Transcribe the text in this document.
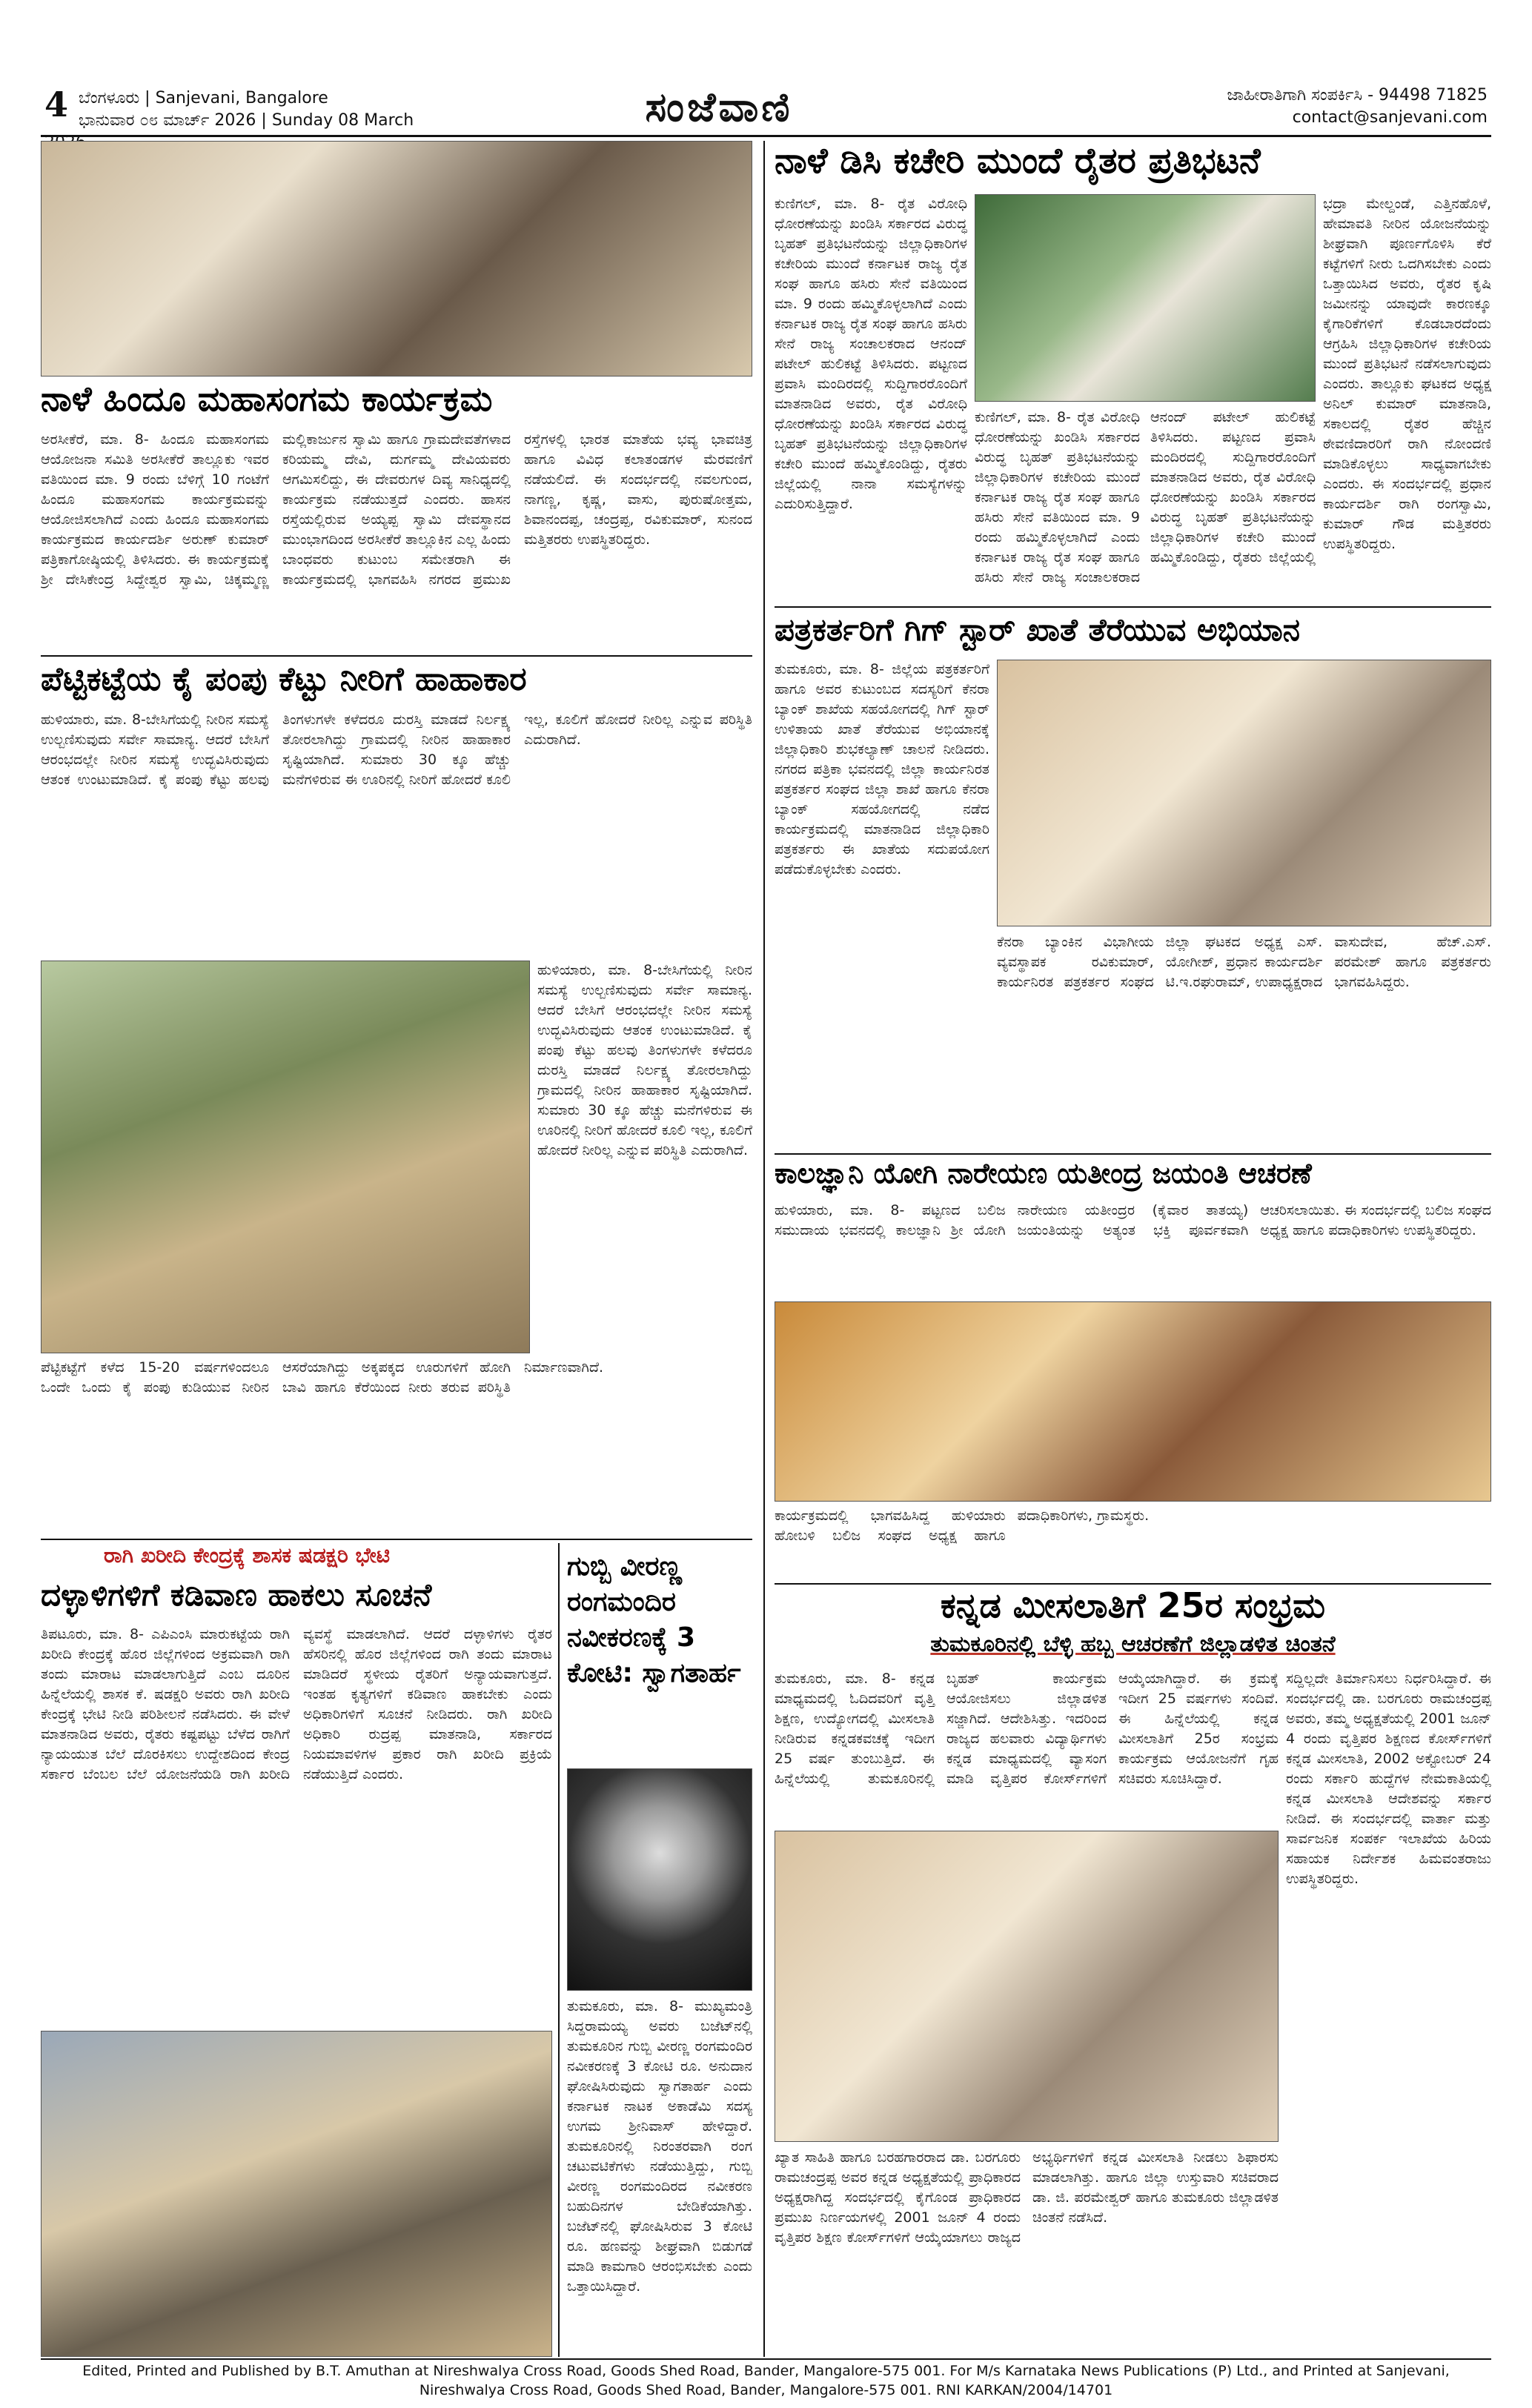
4 ಬೆಂಗಳೂರು | Sanjevani, Bangalore
ಭಾನುವಾರ ೦೮ ಮಾರ್ಚ್ 2026 | Sunday 08 March	ಸಂಜೆವಾಣಿ	ಜಾಹೀರಾತಿಗಾಗಿ ಸಂಪರ್ಕಿಸಿ - 94498 71825
contact@sanjevani.com
ನಾಳೆ ಹಿಂದೂ ಮಹಾಸಂಗಮ ಕಾರ್ಯಕ್ರಮ
ಅರಸೀಕೆರೆ, ಮಾ. 8- ಹಿಂದೂ ಮಹಾಸಂಗಮ ಆಯೋಜನಾ ಸಮಿತಿ ಅರಸೀಕೆರೆ ತಾಲ್ಲೂಕು ಇವರ ವತಿಯಿಂದ ಮಾ. 9 ರಂದು ಬೆಳಿಗ್ಗೆ 10 ಗಂಟೆಗೆ ಹಿಂದೂ ಮಹಾಸಂಗಮ ಕಾರ್ಯಕ್ರಮವನ್ನು ಆಯೋಜಿಸಲಾಗಿದೆ ಎಂದು ಹಿಂದೂ ಮಹಾಸಂಗಮ ಕಾರ್ಯಕ್ರಮದ ಕಾರ್ಯದರ್ಶಿ ಅರುಣ್ ಕುಮಾರ್ ಪತ್ರಿಕಾಗೋಷ್ಠಿಯಲ್ಲಿ ತಿಳಿಸಿದರು. ಈ ಕಾರ್ಯಕ್ರಮಕ್ಕೆ ಶ್ರೀ ದೇಸಿಕೇಂದ್ರ ಸಿದ್ದೇಶ್ವರ ಸ್ವಾಮಿ, ಚಿಕ್ಕಮ್ಮಣ್ಣ ಮಲ್ಲಿಕಾರ್ಜುನ ಸ್ವಾಮಿ ಹಾಗೂ ಗ್ರಾಮದೇವತೆಗಳಾದ ಕರಿಯಮ್ಮ ದೇವಿ, ದುರ್ಗಮ್ಮ ದೇವಿಯವರು ಆಗಮಿಸಲಿದ್ದು, ಈ ದೇವರುಗಳ ದಿವ್ಯ ಸಾನಿಧ್ಯದಲ್ಲಿ ಕಾರ್ಯಕ್ರಮ ನಡೆಯುತ್ತದೆ ಎಂದರು. ಹಾಸನ ರಸ್ತೆಯಲ್ಲಿರುವ ಅಯ್ಯಪ್ಪ ಸ್ವಾಮಿ ದೇವಸ್ಥಾನದ ಮುಂಭಾಗದಿಂದ ಅರಸೀಕೆರೆ ತಾಲ್ಲೂಕಿನ ಎಲ್ಲ ಹಿಂದು ಬಾಂಧವರು ಕುಟುಂಬ ಸಮೇತರಾಗಿ ಈ ಕಾರ್ಯಕ್ರಮದಲ್ಲಿ ಭಾಗವಹಿಸಿ ನಗರದ ಪ್ರಮುಖ ರಸ್ತೆಗಳಲ್ಲಿ ಭಾರತ ಮಾತೆಯ ಭವ್ಯ ಭಾವಚಿತ್ರ ಹಾಗೂ ವಿವಿಧ ಕಲಾತಂಡಗಳ ಮೆರವಣಿಗೆ ನಡೆಯಲಿದೆ. ಈ ಸಂದರ್ಭದಲ್ಲಿ ನವಲಗುಂದ, ನಾಗಣ್ಣ, ಕೃಷ್ಣ, ವಾಸು, ಪುರುಷೋತ್ತಮ, ಶಿವಾನಂದಪ್ಪ, ಚಂದ್ರಪ್ಪ, ರವಿಕುಮಾರ್, ಸುನಂದ ಮತ್ತಿತರರು ಉಪಸ್ಥಿತರಿದ್ದರು.
ಪೆಟ್ಟಿಕಟ್ಟೆಯ ಕೈ ಪಂಪು ಕೆಟ್ಟು ನೀರಿಗೆ ಹಾಹಾಕಾರ
ಹುಳಿಯಾರು, ಮಾ. 8-ಬೇಸಿಗೆಯಲ್ಲಿ ನೀರಿನ ಸಮಸ್ಯೆ ಉಲ್ಬಣಿಸುವುದು ಸರ್ವೇ ಸಾಮಾನ್ಯ. ಆದರೆ ಬೇಸಿಗೆ ಆರಂಭದಲ್ಲೇ ನೀರಿನ ಸಮಸ್ಯೆ ಉದ್ಭವಿಸಿರುವುದು ಆತಂಕ ಉಂಟುಮಾಡಿದೆ. ಕೈ ಪಂಪು ಕೆಟ್ಟು ಹಲವು ತಿಂಗಳುಗಳೇ ಕಳೆದರೂ ದುರಸ್ತಿ ಮಾಡದೆ ನಿರ್ಲಕ್ಷ್ಯ ತೋರಲಾಗಿದ್ದು ಗ್ರಾಮದಲ್ಲಿ ನೀರಿನ ಹಾಹಾಕಾರ ಸೃಷ್ಟಿಯಾಗಿದೆ. ಸುಮಾರು 30 ಕ್ಕೂ ಹೆಚ್ಚು ಮನೆಗಳಿರುವ ಈ ಊರಿನಲ್ಲಿ ನೀರಿಗೆ ಹೋದರೆ ಕೂಲಿ ಇಲ್ಲ, ಕೂಲಿಗೆ ಹೋದರೆ ನೀರಿಲ್ಲ ಎನ್ನುವ ಪರಿಸ್ಥಿತಿ ಎದುರಾಗಿದೆ.
ಹುಳಿಯಾರು, ಮಾ. 8-ಬೇಸಿಗೆಯಲ್ಲಿ ನೀರಿನ ಸಮಸ್ಯೆ ಉಲ್ಬಣಿಸುವುದು ಸರ್ವೇ ಸಾಮಾನ್ಯ. ಆದರೆ ಬೇಸಿಗೆ ಆರಂಭದಲ್ಲೇ ನೀರಿನ ಸಮಸ್ಯೆ ಉದ್ಭವಿಸಿರುವುದು ಆತಂಕ ಉಂಟುಮಾಡಿದೆ. ಕೈ ಪಂಪು ಕೆಟ್ಟು ಹಲವು ತಿಂಗಳುಗಳೇ ಕಳೆದರೂ ದುರಸ್ತಿ ಮಾಡದೆ ನಿರ್ಲಕ್ಷ್ಯ ತೋರಲಾಗಿದ್ದು ಗ್ರಾಮದಲ್ಲಿ ನೀರಿನ ಹಾಹಾಕಾರ ಸೃಷ್ಟಿಯಾಗಿದೆ. ಸುಮಾರು 30 ಕ್ಕೂ ಹೆಚ್ಚು ಮನೆಗಳಿರುವ ಈ ಊರಿನಲ್ಲಿ ನೀರಿಗೆ ಹೋದರೆ ಕೂಲಿ ಇಲ್ಲ, ಕೂಲಿಗೆ ಹೋದರೆ ನೀರಿಲ್ಲ ಎನ್ನುವ ಪರಿಸ್ಥಿತಿ ಎದುರಾಗಿದೆ.
ಪೆಟ್ಟಿಕಟ್ಟೆಗೆ ಕಳೆದ 15-20 ವರ್ಷಗಳಿಂದಲೂ ಒಂದೇ ಒಂದು ಕೈ ಪಂಪು ಕುಡಿಯುವ ನೀರಿನ ಆಸರೆಯಾಗಿದ್ದು ಅಕ್ಕಪಕ್ಕದ ಊರುಗಳಿಗೆ ಹೋಗಿ ಬಾವಿ ಹಾಗೂ ಕೆರೆಯಿಂದ ನೀರು ತರುವ ಪರಿಸ್ಥಿತಿ ನಿರ್ಮಾಣವಾಗಿದೆ.
ರಾಗಿ ಖರೀದಿ ಕೇಂದ್ರಕ್ಕೆ ಶಾಸಕ ಷಡಕ್ಷರಿ ಭೇಟಿ
ದಳ್ಳಾಳಿಗಳಿಗೆ ಕಡಿವಾಣ ಹಾಕಲು ಸೂಚನೆ
ತಿಪಟೂರು, ಮಾ. 8- ಎಪಿಎಂಸಿ ಮಾರುಕಟ್ಟೆಯ ರಾಗಿ ಖರೀದಿ ಕೇಂದ್ರಕ್ಕೆ ಹೊರ ಜಿಲ್ಲೆಗಳಿಂದ ಅಕ್ರಮವಾಗಿ ರಾಗಿ ತಂದು ಮಾರಾಟ ಮಾಡಲಾಗುತ್ತಿದೆ ಎಂಬ ದೂರಿನ ಹಿನ್ನೆಲೆಯಲ್ಲಿ ಶಾಸಕ ಕೆ. ಷಡಕ್ಷರಿ ಅವರು ರಾಗಿ ಖರೀದಿ ಕೇಂದ್ರಕ್ಕೆ ಭೇಟಿ ನೀಡಿ ಪರಿಶೀಲನೆ ನಡೆಸಿದರು. ಈ ವೇಳೆ ಮಾತನಾಡಿದ ಅವರು, ರೈತರು ಕಷ್ಟಪಟ್ಟು ಬೆಳೆದ ರಾಗಿಗೆ ನ್ಯಾಯಯುತ ಬೆಲೆ ದೊರಕಿಸಲು ಉದ್ದೇಶದಿಂದ ಕೇಂದ್ರ ಸರ್ಕಾರ ಬೆಂಬಲ ಬೆಲೆ ಯೋಜನೆಯಡಿ ರಾಗಿ ಖರೀದಿ ವ್ಯವಸ್ಥೆ ಮಾಡಲಾಗಿದೆ. ಆದರೆ ದಳ್ಳಾಳಿಗಳು ರೈತರ ಹೆಸರಿನಲ್ಲಿ ಹೊರ ಜಿಲ್ಲೆಗಳಿಂದ ರಾಗಿ ತಂದು ಮಾರಾಟ ಮಾಡಿದರೆ ಸ್ಥಳೀಯ ರೈತರಿಗೆ ಅನ್ಯಾಯವಾಗುತ್ತದೆ. ಇಂತಹ ಕೃತ್ಯಗಳಿಗೆ ಕಡಿವಾಣ ಹಾಕಬೇಕು ಎಂದು ಅಧಿಕಾರಿಗಳಿಗೆ ಸೂಚನೆ ನೀಡಿದರು. ರಾಗಿ ಖರೀದಿ ಅಧಿಕಾರಿ ರುದ್ರಪ್ಪ ಮಾತನಾಡಿ, ಸರ್ಕಾರದ ನಿಯಮಾವಳಿಗಳ ಪ್ರಕಾರ ರಾಗಿ ಖರೀದಿ ಪ್ರಕ್ರಿಯೆ ನಡೆಯುತ್ತಿದೆ ಎಂದರು.
ಗುಬ್ಬಿ ವೀರಣ್ಣ ರಂಗಮಂದಿರ ನವೀಕರಣಕ್ಕೆ 3 ಕೋಟಿ: ಸ್ವಾಗತಾರ್ಹ
ತುಮಕೂರು, ಮಾ. 8- ಮುಖ್ಯಮಂತ್ರಿ ಸಿದ್ದರಾಮಯ್ಯ ಅವರು ಬಜೆಟ್‌ನಲ್ಲಿ ತುಮಕೂರಿನ ಗುಬ್ಬಿ ವೀರಣ್ಣ ರಂಗಮಂದಿರ ನವೀಕರಣಕ್ಕೆ 3 ಕೋಟಿ ರೂ. ಅನುದಾನ ಘೋಷಿಸಿರುವುದು ಸ್ವಾಗತಾರ್ಹ ಎಂದು ಕರ್ನಾಟಕ ನಾಟಕ ಅಕಾಡೆಮಿ ಸದಸ್ಯ ಉಗಮ ಶ್ರೀನಿವಾಸ್ ಹೇಳಿದ್ದಾರೆ. ತುಮಕೂರಿನಲ್ಲಿ ನಿರಂತರವಾಗಿ ರಂಗ ಚಟುವಟಿಕೆಗಳು ನಡೆಯುತ್ತಿದ್ದು, ಗುಬ್ಬಿ ವೀರಣ್ಣ ರಂಗಮಂದಿರದ ನವೀಕರಣ ಬಹುದಿನಗಳ ಬೇಡಿಕೆಯಾಗಿತ್ತು. ಬಜೆಟ್‌ನಲ್ಲಿ ಘೋಷಿಸಿರುವ 3 ಕೋಟಿ ರೂ. ಹಣವನ್ನು ಶೀಘ್ರವಾಗಿ ಬಿಡುಗಡೆ ಮಾಡಿ ಕಾಮಗಾರಿ ಆರಂಭಿಸಬೇಕು ಎಂದು ಒತ್ತಾಯಿಸಿದ್ದಾರೆ.
ನಾಳೆ ಡಿಸಿ ಕಚೇರಿ ಮುಂದೆ ರೈತರ ಪ್ರತಿಭಟನೆ
ಕುಣಿಗಲ್, ಮಾ. 8- ರೈತ ವಿರೋಧಿ ಧೋರಣೆಯನ್ನು ಖಂಡಿಸಿ ಸರ್ಕಾರದ ವಿರುದ್ಧ ಬೃಹತ್ ಪ್ರತಿಭಟನೆಯನ್ನು ಜಿಲ್ಲಾಧಿಕಾರಿಗಳ ಕಚೇರಿಯ ಮುಂದೆ ಕರ್ನಾಟಕ ರಾಜ್ಯ ರೈತ ಸಂಘ ಹಾಗೂ ಹಸಿರು ಸೇನೆ ವತಿಯಿಂದ ಮಾ. 9 ರಂದು ಹಮ್ಮಿಕೊಳ್ಳಲಾಗಿದೆ ಎಂದು ಕರ್ನಾಟಕ ರಾಜ್ಯ ರೈತ ಸಂಘ ಹಾಗೂ ಹಸಿರು ಸೇನೆ ರಾಜ್ಯ ಸಂಚಾಲಕರಾದ ಆನಂದ್ ಪಟೇಲ್ ಹುಲಿಕಟ್ಟೆ ತಿಳಿಸಿದರು. ಪಟ್ಟಣದ ಪ್ರವಾಸಿ ಮಂದಿರದಲ್ಲಿ ಸುದ್ದಿಗಾರರೊಂದಿಗೆ ಮಾತನಾಡಿದ ಅವರು, ರೈತ ವಿರೋಧಿ ಧೋರಣೆಯನ್ನು ಖಂಡಿಸಿ ಸರ್ಕಾರದ ವಿರುದ್ಧ ಬೃಹತ್ ಪ್ರತಿಭಟನೆಯನ್ನು ಜಿಲ್ಲಾಧಿಕಾರಿಗಳ ಕಚೇರಿ ಮುಂದೆ ಹಮ್ಮಿಕೊಂಡಿದ್ದು, ರೈತರು ಜಿಲ್ಲೆಯಲ್ಲಿ ನಾನಾ ಸಮಸ್ಯೆಗಳನ್ನು ಎದುರಿಸುತ್ತಿದ್ದಾರೆ.
ಭದ್ರಾ ಮೇಲ್ದಂಡೆ, ಎತ್ತಿನಹೊಳೆ, ಹೇಮಾವತಿ ನೀರಿನ ಯೋಜನೆಯನ್ನು ಶೀಘ್ರವಾಗಿ ಪೂರ್ಣಗೊಳಿಸಿ ಕೆರೆ ಕಟ್ಟೆಗಳಿಗೆ ನೀರು ಒದಗಿಸಬೇಕು ಎಂದು ಒತ್ತಾಯಿಸಿದ ಅವರು, ರೈತರ ಕೃಷಿ ಜಮೀನನ್ನು ಯಾವುದೇ ಕಾರಣಕ್ಕೂ ಕೈಗಾರಿಕೆಗಳಿಗೆ ಕೊಡಬಾರದೆಂದು ಆಗ್ರಹಿಸಿ ಜಿಲ್ಲಾಧಿಕಾರಿಗಳ ಕಚೇರಿಯ ಮುಂದೆ ಪ್ರತಿಭಟನೆ ನಡೆಸಲಾಗುವುದು ಎಂದರು. ತಾಲ್ಲೂಕು ಘಟಕದ ಅಧ್ಯಕ್ಷ ಅನಿಲ್ ಕುಮಾರ್ ಮಾತನಾಡಿ, ಸಕಾಲದಲ್ಲಿ ರೈತರ ಹೆಚ್ಚಿನ ಠೇವಣಿದಾರರಿಗೆ ರಾಗಿ ನೋಂದಣಿ ಮಾಡಿಕೊಳ್ಳಲು ಸಾಧ್ಯವಾಗಬೇಕು ಎಂದರು. ಈ ಸಂದರ್ಭದಲ್ಲಿ ಪ್ರಧಾನ ಕಾರ್ಯದರ್ಶಿ ರಾಗಿ ರಂಗಸ್ವಾಮಿ, ಕುಮಾರ್ ಗೌಡ ಮತ್ತಿತರರು ಉಪಸ್ಥಿತರಿದ್ದರು.
ಕುಣಿಗಲ್, ಮಾ. 8- ರೈತ ವಿರೋಧಿ ಧೋರಣೆಯನ್ನು ಖಂಡಿಸಿ ಸರ್ಕಾರದ ವಿರುದ್ಧ ಬೃಹತ್ ಪ್ರತಿಭಟನೆಯನ್ನು ಜಿಲ್ಲಾಧಿಕಾರಿಗಳ ಕಚೇರಿಯ ಮುಂದೆ ಕರ್ನಾಟಕ ರಾಜ್ಯ ರೈತ ಸಂಘ ಹಾಗೂ ಹಸಿರು ಸೇನೆ ವತಿಯಿಂದ ಮಾ. 9 ರಂದು ಹಮ್ಮಿಕೊಳ್ಳಲಾಗಿದೆ ಎಂದು ಕರ್ನಾಟಕ ರಾಜ್ಯ ರೈತ ಸಂಘ ಹಾಗೂ ಹಸಿರು ಸೇನೆ ರಾಜ್ಯ ಸಂಚಾಲಕರಾದ ಆನಂದ್ ಪಟೇಲ್ ಹುಲಿಕಟ್ಟೆ ತಿಳಿಸಿದರು. ಪಟ್ಟಣದ ಪ್ರವಾಸಿ ಮಂದಿರದಲ್ಲಿ ಸುದ್ದಿಗಾರರೊಂದಿಗೆ ಮಾತನಾಡಿದ ಅವರು, ರೈತ ವಿರೋಧಿ ಧೋರಣೆಯನ್ನು ಖಂಡಿಸಿ ಸರ್ಕಾರದ ವಿರುದ್ಧ ಬೃಹತ್ ಪ್ರತಿಭಟನೆಯನ್ನು ಜಿಲ್ಲಾಧಿಕಾರಿಗಳ ಕಚೇರಿ ಮುಂದೆ ಹಮ್ಮಿಕೊಂಡಿದ್ದು, ರೈತರು ಜಿಲ್ಲೆಯಲ್ಲಿ
ಪತ್ರಕರ್ತರಿಗೆ ಗಿಗ್ ಸ್ಟಾರ್ ಖಾತೆ ತೆರೆಯುವ ಅಭಿಯಾನ
ತುಮಕೂರು, ಮಾ. 8- ಜಿಲ್ಲೆಯ ಪತ್ರಕರ್ತರಿಗೆ ಹಾಗೂ ಅವರ ಕುಟುಂಬದ ಸದಸ್ಯರಿಗೆ ಕೆನರಾ ಬ್ಯಾಂಕ್ ಶಾಖೆಯ ಸಹಯೋಗದಲ್ಲಿ ಗಿಗ್ ಸ್ಟಾರ್ ಉಳಿತಾಯ ಖಾತೆ ತೆರೆಯುವ ಅಭಿಯಾನಕ್ಕೆ ಜಿಲ್ಲಾಧಿಕಾರಿ ಶುಭಕಲ್ಯಾಣ್ ಚಾಲನೆ ನೀಡಿದರು. ನಗರದ ಪತ್ರಿಕಾ ಭವನದಲ್ಲಿ ಜಿಲ್ಲಾ ಕಾರ್ಯನಿರತ ಪತ್ರಕರ್ತರ ಸಂಘದ ಜಿಲ್ಲಾ ಶಾಖೆ ಹಾಗೂ ಕೆನರಾ ಬ್ಯಾಂಕ್ ಸಹಯೋಗದಲ್ಲಿ ನಡೆದ ಕಾರ್ಯಕ್ರಮದಲ್ಲಿ ಮಾತನಾಡಿದ ಜಿಲ್ಲಾಧಿಕಾರಿ ಪತ್ರಕರ್ತರು ಈ ಖಾತೆಯ ಸದುಪಯೋಗ ಪಡೆದುಕೊಳ್ಳಬೇಕು ಎಂದರು.
ಕೆನರಾ ಬ್ಯಾಂಕಿನ ವಿಭಾಗೀಯ ವ್ಯವಸ್ಥಾಪಕ ರವಿಕುಮಾರ್, ಕಾರ್ಯನಿರತ ಪತ್ರಕರ್ತರ ಸಂಘದ ಜಿಲ್ಲಾ ಘಟಕದ ಅಧ್ಯಕ್ಷ ಎಸ್. ಯೋಗೀಶ್, ಪ್ರಧಾನ ಕಾರ್ಯದರ್ಶಿ ಟಿ.ಇ.ರಘುರಾಮ್, ಉಪಾಧ್ಯಕ್ಷರಾದ ವಾಸುದೇವ, ಹೆಚ್.ಎಸ್. ಪರಮೇಶ್ ಹಾಗೂ ಪತ್ರಕರ್ತರು ಭಾಗವಹಿಸಿದ್ದರು.
ಕಾಲಜ್ಞಾನಿ ಯೋಗಿ ನಾರೇಯಣ ಯತೀಂದ್ರ ಜಯಂತಿ ಆಚರಣೆ
ಹುಳಿಯಾರು, ಮಾ. 8- ಪಟ್ಟಣದ ಬಲಿಜ ಸಮುದಾಯ ಭವನದಲ್ಲಿ ಕಾಲಜ್ಞಾನಿ ಶ್ರೀ ಯೋಗಿ ನಾರೇಯಣ ಯತೀಂದ್ರರ (ಕೈವಾರ ತಾತಯ್ಯ) ಜಯಂತಿಯನ್ನು ಅತ್ಯಂತ ಭಕ್ತಿ ಪೂರ್ವಕವಾಗಿ ಆಚರಿಸಲಾಯಿತು. ಈ ಸಂದರ್ಭದಲ್ಲಿ ಬಲಿಜ ಸಂಘದ ಅಧ್ಯಕ್ಷ ಹಾಗೂ ಪದಾಧಿಕಾರಿಗಳು ಉಪಸ್ಥಿತರಿದ್ದರು.
ಕಾರ್ಯಕ್ರಮದಲ್ಲಿ ಭಾಗವಹಿಸಿದ್ದ ಹುಳಿಯಾರು ಹೋಬಳಿ ಬಲಿಜ ಸಂಘದ ಅಧ್ಯಕ್ಷ ಹಾಗೂ ಪದಾಧಿಕಾರಿಗಳು, ಗ್ರಾಮಸ್ಥರು.
ಕನ್ನಡ ಮೀಸಲಾತಿಗೆ 25ರ ಸಂಭ್ರಮ
ತುಮಕೂರಿನಲ್ಲಿ ಬೆಳ್ಳಿ ಹಬ್ಬ ಆಚರಣೆಗೆ ಜಿಲ್ಲಾಡಳಿತ ಚಿಂತನೆ
ತುಮಕೂರು, ಮಾ. 8- ಕನ್ನಡ ಮಾಧ್ಯಮದಲ್ಲಿ ಓದಿದವರಿಗೆ ವೃತ್ತಿ ಶಿಕ್ಷಣ, ಉದ್ಯೋಗದಲ್ಲಿ ಮೀಸಲಾತಿ ನೀಡಿರುವ ಕನ್ನಡಕವಚಕ್ಕೆ ಇದೀಗ 25 ವರ್ಷ ತುಂಬುತ್ತಿದೆ. ಈ ಹಿನ್ನೆಲೆಯಲ್ಲಿ ತುಮಕೂರಿನಲ್ಲಿ ಬೃಹತ್ ಕಾರ್ಯಕ್ರಮ ಆಯೋಜಿಸಲು ಜಿಲ್ಲಾಡಳಿತ ಸಜ್ಜಾಗಿದೆ. ಆದೇಶಿಸಿತ್ತು. ಇದರಿಂದ ರಾಜ್ಯದ ಹಲವಾರು ವಿದ್ಯಾರ್ಥಿಗಳು ಕನ್ನಡ ಮಾಧ್ಯಮದಲ್ಲಿ ವ್ಯಾಸಂಗ ಮಾಡಿ ವೃತ್ತಿಪರ ಕೋರ್ಸ್‌ಗಳಿಗೆ ಆಯ್ಕೆಯಾಗಿದ್ದಾರೆ. ಈ ಕ್ರಮಕ್ಕೆ ಇದೀಗ 25 ವರ್ಷಗಳು ಸಂದಿವೆ. ಈ ಹಿನ್ನೆಲೆಯಲ್ಲಿ ಕನ್ನಡ ಮೀಸಲಾತಿಗೆ 25ರ ಸಂಭ್ರಮ ಕಾರ್ಯಕ್ರಮ ಆಯೋಜನೆಗೆ ಗೃಹ ಸಚಿವರು ಸೂಚಿಸಿದ್ದಾರೆ.
ಖ್ಯಾತ ಸಾಹಿತಿ ಹಾಗೂ ಬರಹಗಾರರಾದ ಡಾ. ಬರಗೂರು ರಾಮಚಂದ್ರಪ್ಪ ಅವರ ಕನ್ನಡ ಅಧ್ಯಕ್ಷತೆಯಲ್ಲಿ ಪ್ರಾಧಿಕಾರದ ಅಧ್ಯಕ್ಷರಾಗಿದ್ದ ಸಂದರ್ಭದಲ್ಲಿ ಕೈಗೊಂಡ ಪ್ರಾಧಿಕಾರದ ಪ್ರಮುಖ ನಿರ್ಣಯಗಳಲ್ಲಿ 2001 ಜೂನ್ 4 ರಂದು ವೃತ್ತಿಪರ ಶಿಕ್ಷಣ ಕೋರ್ಸ್‌ಗಳಿಗೆ ಆಯ್ಕೆಯಾಗಲು ರಾಜ್ಯದ ಅಭ್ಯರ್ಥಿಗಳಿಗೆ ಕನ್ನಡ ಮೀಸಲಾತಿ ನೀಡಲು ಶಿಫಾರಸು ಮಾಡಲಾಗಿತ್ತು. ಹಾಗೂ ಜಿಲ್ಲಾ ಉಸ್ತುವಾರಿ ಸಚಿವರಾದ ಡಾ. ಜಿ. ಪರಮೇಶ್ವರ್ ಹಾಗೂ ತುಮಕೂರು ಜಿಲ್ಲಾಡಳಿತ ಚಿಂತನೆ ನಡೆಸಿದೆ.
ಸದ್ದಿಲ್ಲದೇ ತಿರ್ಮಾನಿಸಲು ನಿರ್ಧರಿಸಿದ್ದಾರೆ. ಈ ಸಂದರ್ಭದಲ್ಲಿ ಡಾ. ಬರಗೂರು ರಾಮಚಂದ್ರಪ್ಪ ಅವರು, ತಮ್ಮ ಅಧ್ಯಕ್ಷತೆಯಲ್ಲಿ 2001 ಜೂನ್ 4 ರಂದು ವೃತ್ತಿಪರ ಶಿಕ್ಷಣದ ಕೋರ್ಸ್‌ಗಳಿಗೆ ಕನ್ನಡ ಮೀಸಲಾತಿ, 2002 ಅಕ್ಟೋಬರ್ 24 ರಂದು ಸರ್ಕಾರಿ ಹುದ್ದೆಗಳ ನೇಮಕಾತಿಯಲ್ಲಿ ಕನ್ನಡ ಮೀಸಲಾತಿ ಆದೇಶವನ್ನು ಸರ್ಕಾರ ನೀಡಿದೆ. ಈ ಸಂದರ್ಭದಲ್ಲಿ ವಾರ್ತಾ ಮತ್ತು ಸಾರ್ವಜನಿಕ ಸಂಪರ್ಕ ಇಲಾಖೆಯ ಹಿರಿಯ ಸಹಾಯಕ ನಿರ್ದೇಶಕ ಹಿಮವಂತರಾಜು ಉಪಸ್ಥಿತರಿದ್ದರು.
Edited, Printed and Published by B.T. Amuthan at Nireshwalya Cross Road, Goods Shed Road, Bander, Mangalore-575 001. For M/s Karnataka News Publications (P) Ltd., and Printed at Sanjevani,
Nireshwalya Cross Road, Goods Shed Road, Bander, Mangalore-575 001. RNI KARKAN/2004/14701
